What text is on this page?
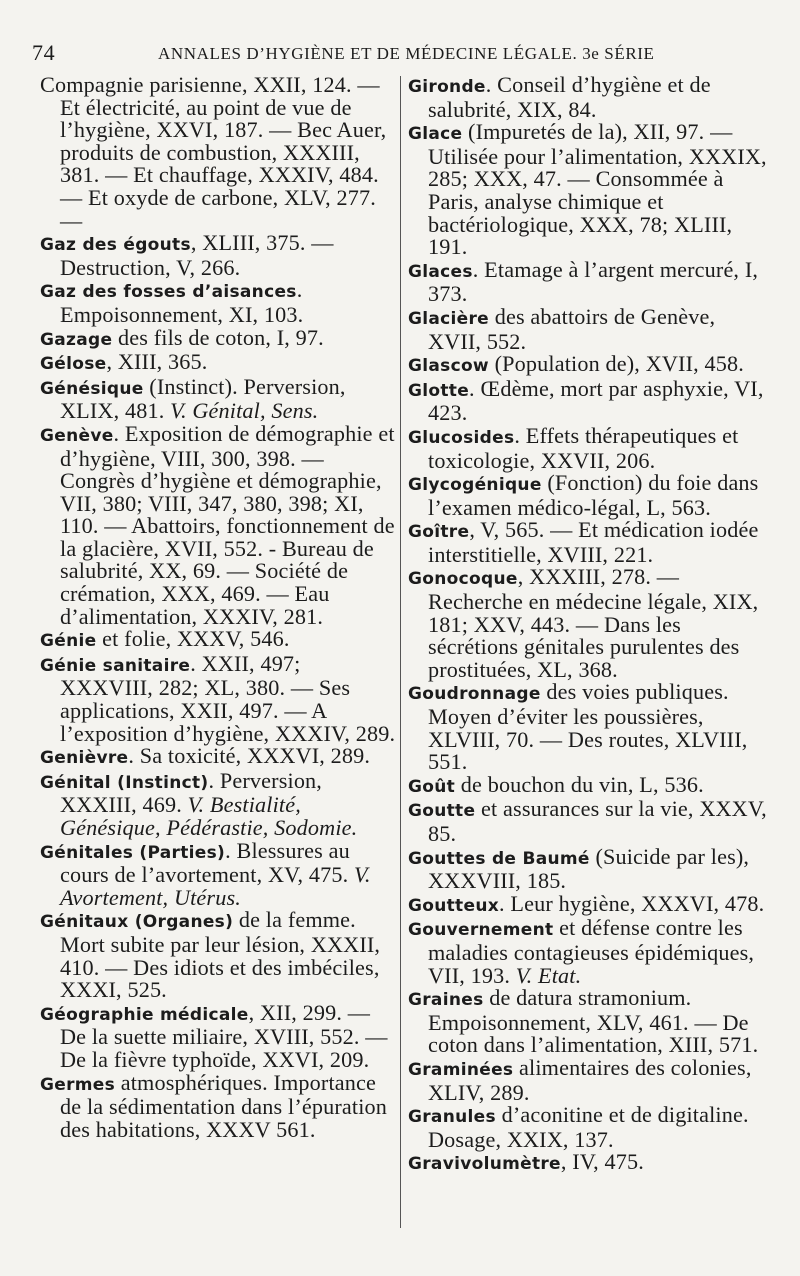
74	ANNALES D’HYGIÈNE ET DE MÉDECINE LÉGALE. 3e SÉRIE

Compagnie parisienne, XXII, 124. — Et électricité, au point de vue de l’hygiène, XXVI, 187. — Bec Auer, produits de combustion, XXXIII, 381. — Et chauffage, XXXIV, 484. — Et oxyde de carbone, XLV, 277. —

Gaz des égouts, XLIII, 375. — Destruction, V, 266.

Gaz des fosses d’aisances. Empoisonnement, XI, 103.

Gazage des fils de coton, I, 97.

Gélose, XIII, 365.

Génésique (Instinct). Perversion, XLIX, 481. V. Génital, Sens.

Genève. Exposition de démographie et d’hygiène, VIII, 300, 398. — Congrès d’hygiène et démographie, VII, 380; VIII, 347, 380, 398; XI, 110. — Abattoirs, fonctionnement de la glacière, XVII, 552. - Bureau de salubrité, XX, 69. — Société de crémation, XXX, 469. — Eau d’alimentation, XXXIV, 281.

Génie et folie, XXXV, 546.

Génie sanitaire. XXII, 497; XXXVIII, 282; XL, 380. — Ses applications, XXII, 497. — A l’exposition d’hygiène, XXXIV, 289.

Genièvre. Sa toxicité, XXXVI, 289.

Génital (Instinct). Perversion, XXXIII, 469. V. Bestialité, Génésique, Pédérastie, Sodomie.

Génitales (Parties). Blessures au cours de l’avortement, XV, 475. V. Avortement, Utérus.

Génitaux (Organes) de la femme. Mort subite par leur lésion, XXXII, 410. — Des idiots et des imbéciles, XXXI, 525.

Géographie médicale, XII, 299. — De la suette miliaire, XVIII, 552. — De la fièvre typhoïde, XXVI, 209.

Germes atmosphériques. Importance de la sédimentation dans l’épuration des habitations, XXXV 561.

Gironde. Conseil d’hygiène et de salubrité, XIX, 84.

Glace (Impuretés de la), XII, 97. — Utilisée pour l’alimentation, XXXIX, 285; XXX, 47. — Consommée à Paris, analyse chimique et bactériologique, XXX, 78; XLIII, 191.

Glaces. Etamage à l’argent mercuré, I, 373.

Glacière des abattoirs de Genève, XVII, 552.

Glascow (Population de), XVII, 458.

Glotte. Œdème, mort par asphyxie, VI, 423.

Glucosides. Effets thérapeutiques et toxicologie, XXVII, 206.

Glycogénique (Fonction) du foie dans l’examen médico-légal, L, 563.

Goître, V, 565. — Et médication iodée interstitielle, XVIII, 221.

Gonocoque, XXXIII, 278. — Recherche en médecine légale, XIX, 181; XXV, 443. — Dans les sécrétions génitales purulentes des prostituées, XL, 368.

Goudronnage des voies publiques. Moyen d’éviter les poussières, XLVIII, 70. — Des routes, XLVIII, 551.

Goût de bouchon du vin, L, 536.

Goutte et assurances sur la vie, XXXV, 85.

Gouttes de Baumé (Suicide par les), XXXVIII, 185.

Goutteux. Leur hygiène, XXXVI, 478.

Gouvernement et défense contre les maladies contagieuses épidémiques, VII, 193. V. Etat.

Graines de datura stramonium. Empoisonnement, XLV, 461. — De coton dans l’alimentation, XIII, 571.

Graminées alimentaires des colonies, XLIV, 289.

Granules d’aconitine et de digitaline. Dosage, XXIX, 137.

Gravivolumètre, IV, 475.
